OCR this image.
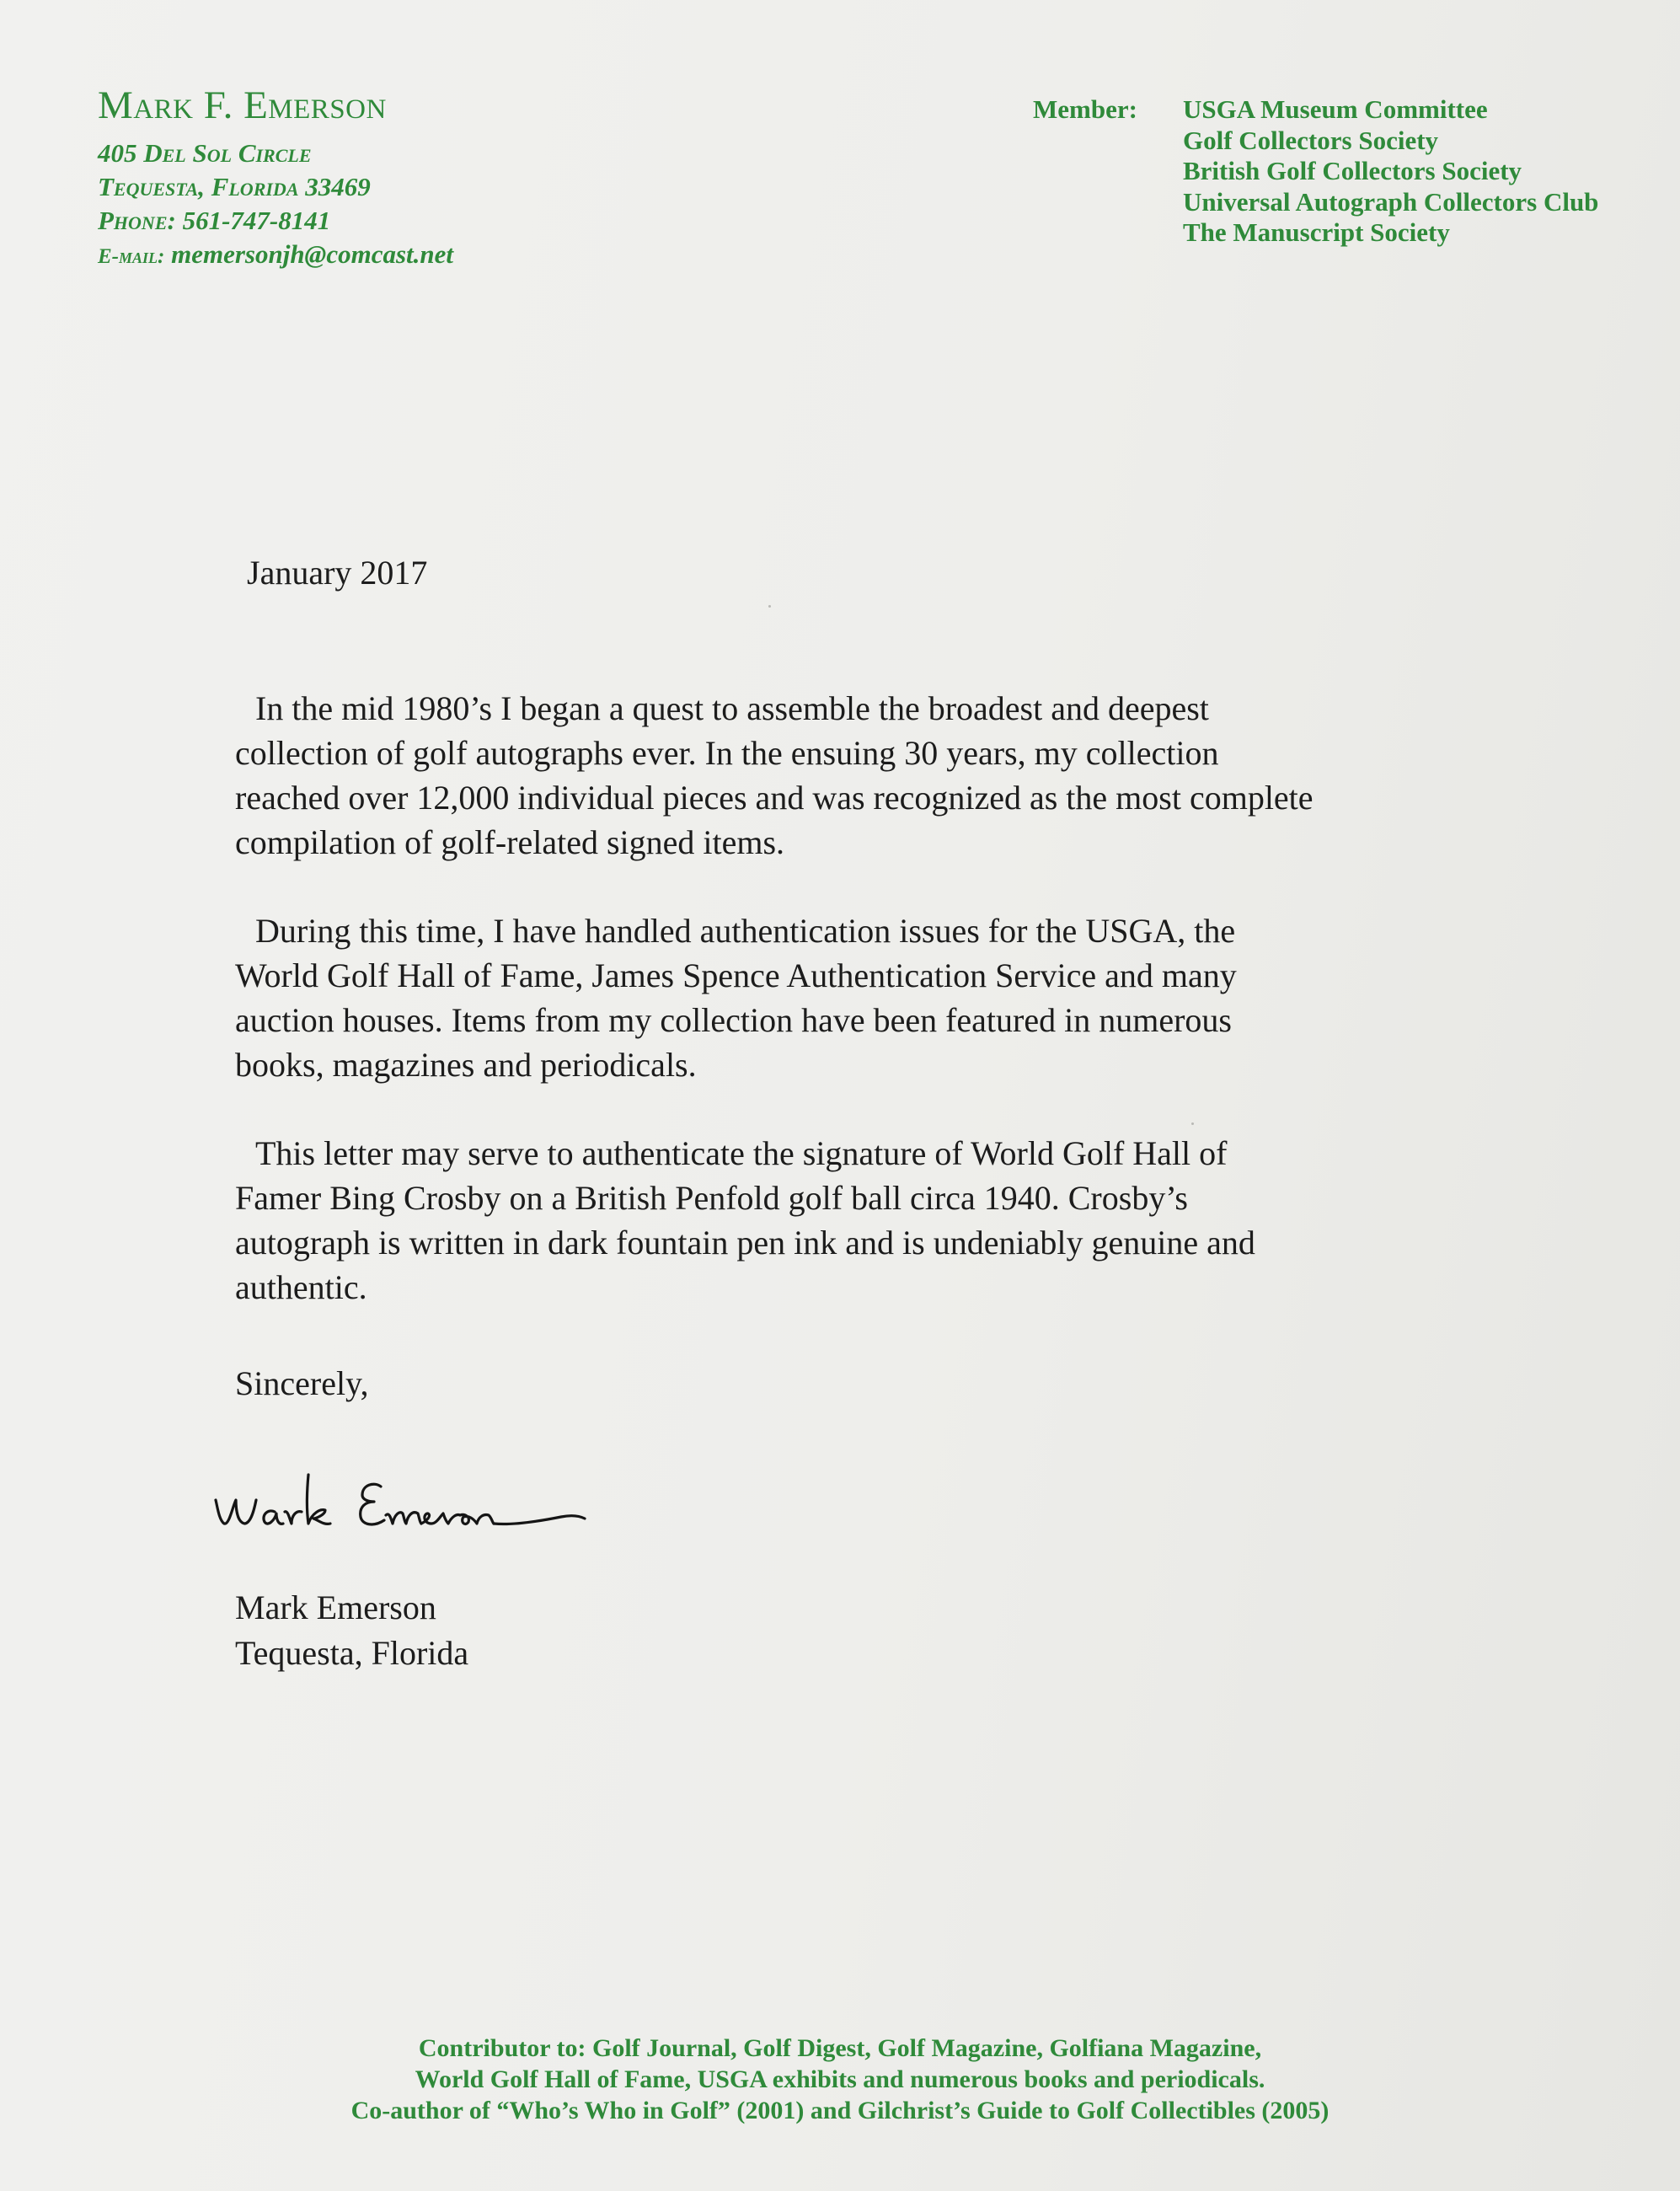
Mark F. Emerson
405 Del Sol Circle
Tequesta, Florida 33469
Phone: 561-747-8141
E-mail: memersonjh@comcast.net
Member: USGA Museum Committee
Golf Collectors Society
British Golf Collectors Society
Universal Autograph Collectors Club
The Manuscript Society
January 2017
In the mid 1980’s I began a quest to assemble the broadest and deepest
collection of golf autographs ever. In the ensuing 30 years, my collection
reached over 12,000 individual pieces and was recognized as the most complete
compilation of golf-related signed items.
During this time, I have handled authentication issues for the USGA, the
World Golf Hall of Fame, James Spence Authentication Service and many
auction houses. Items from my collection have been featured in numerous
books, magazines and periodicals.
This letter may serve to authenticate the signature of World Golf Hall of
Famer Bing Crosby on a British Penfold golf ball circa 1940. Crosby’s
autograph is written in dark fountain pen ink and is undeniably genuine and
authentic.
Sincerely,
Mark Emerson
Tequesta, Florida
Contributor to: Golf Journal, Golf Digest, Golf Magazine, Golfiana Magazine,
World Golf Hall of Fame, USGA exhibits and numerous books and periodicals.
Co-author of “Who’s Who in Golf” (2001) and Gilchrist’s Guide to Golf Collectibles (2005)
